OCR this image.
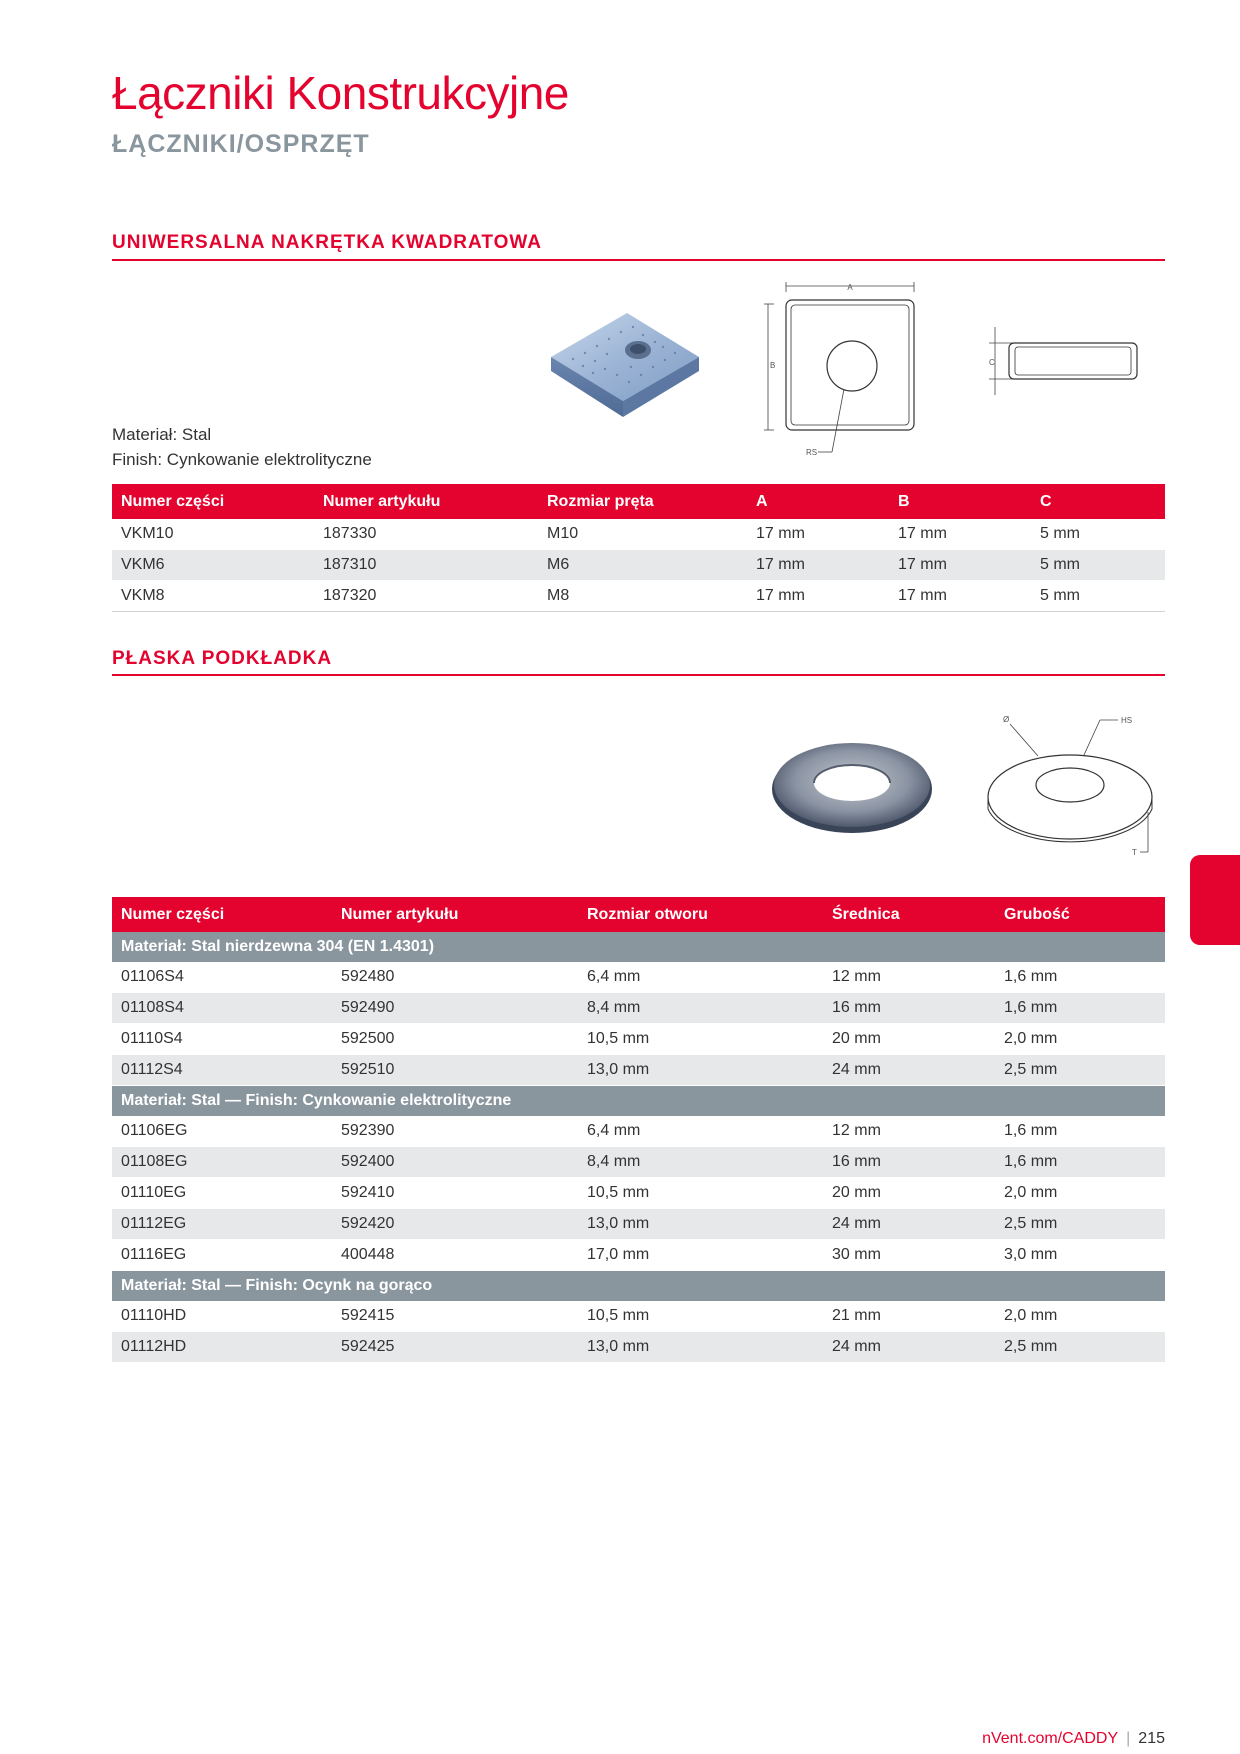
Łączniki Konstrukcyjne
ŁĄCZNIKI/OSPRZĘT
UNIWERSALNA NAKRĘTKA KWADRATOWA
A
B
RS
C
Materiał: Stal
Finish: Cynkowanie elektrolityczne
Numer części	Numer artykułu	Rozmiar pręta	A	B	C
VKM10	187330	M10	17 mm	17 mm	5 mm
VKM6	187310	M6	17 mm	17 mm	5 mm
VKM8	187320	M8	17 mm	17 mm	5 mm
PŁASKA PODKŁADKA
Ø	HS
T
Numer części	Numer artykułu	Rozmiar otworu	Średnica	Grubość
Materiał: Stal nierdzewna 304 (EN 1.4301)				
01106S4	592480	6,4 mm	12 mm	1,6 mm
01108S4	592490	8,4 mm	16 mm	1,6 mm
01110S4	592500	10,5 mm	20 mm	2,0 mm
01112S4	592510	13,0 mm	24 mm	2,5 mm
Materiał: Stal — Finish: Cynkowanie elektrolityczne				
01106EG	592390	6,4 mm	12 mm	1,6 mm
01108EG	592400	8,4 mm	16 mm	1,6 mm
01110EG	592410	10,5 mm	20 mm	2,0 mm
01112EG	592420	13,0 mm	24 mm	2,5 mm
01116EG	400448	17,0 mm	30 mm	3,0 mm
Materiał: Stal — Finish: Ocynk na gorąco				
01110HD	592415	10,5 mm	21 mm	2,0 mm
01112HD	592425	13,0 mm	24 mm	2,5 mm
nVent.com/CADDY | 215
